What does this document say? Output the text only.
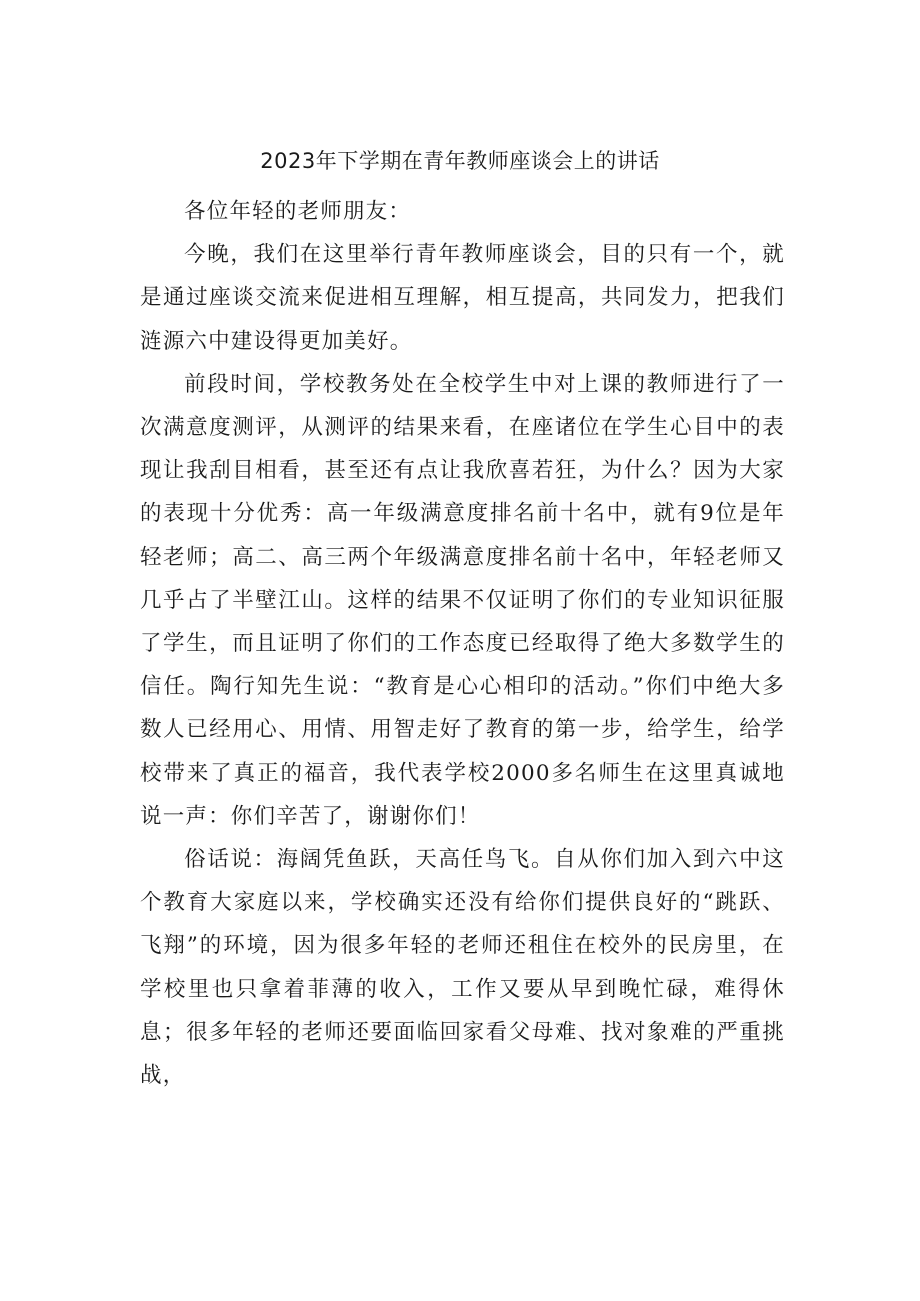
2023年下学期在青年教师座谈会上的讲话

各位年轻的老师朋友：

今晚，我们在这里举行青年教师座谈会，目的只有一个，就是通过座谈交流来促进相互理解，相互提高，共同发力，把我们涟源六中建设得更加美好。

前段时间，学校教务处在全校学生中对上课的教师进行了一次满意度测评，从测评的结果来看，在座诸位在学生心目中的表现让我刮目相看，甚至还有点让我欣喜若狂，为什么？因为大家的表现十分优秀：高一年级满意度排名前十名中，就有9位是年轻老师；高二、高三两个年级满意度排名前十名中，年轻老师又几乎占了半壁江山。这样的结果不仅证明了你们的专业知识征服了学生，而且证明了你们的工作态度已经取得了绝大多数学生的信任。陶行知先生说：“教育是心心相印的活动。”你们中绝大多数人已经用心、用情、用智走好了教育的第一步，给学生，给学校带来了真正的福音，我代表学校2000多名师生在这里真诚地说一声：你们辛苦了，谢谢你们！

俗话说：海阔凭鱼跃，天高任鸟飞。自从你们加入到六中这个教育大家庭以来，学校确实还没有给你们提供良好的“跳跃、飞翔”的环境，因为很多年轻的老师还租住在校外的民房里，在学校里也只拿着菲薄的收入，工作又要从早到晚忙碌，难得休息；很多年轻的老师还要面临回家看父母难、找对象难的严重挑战，
